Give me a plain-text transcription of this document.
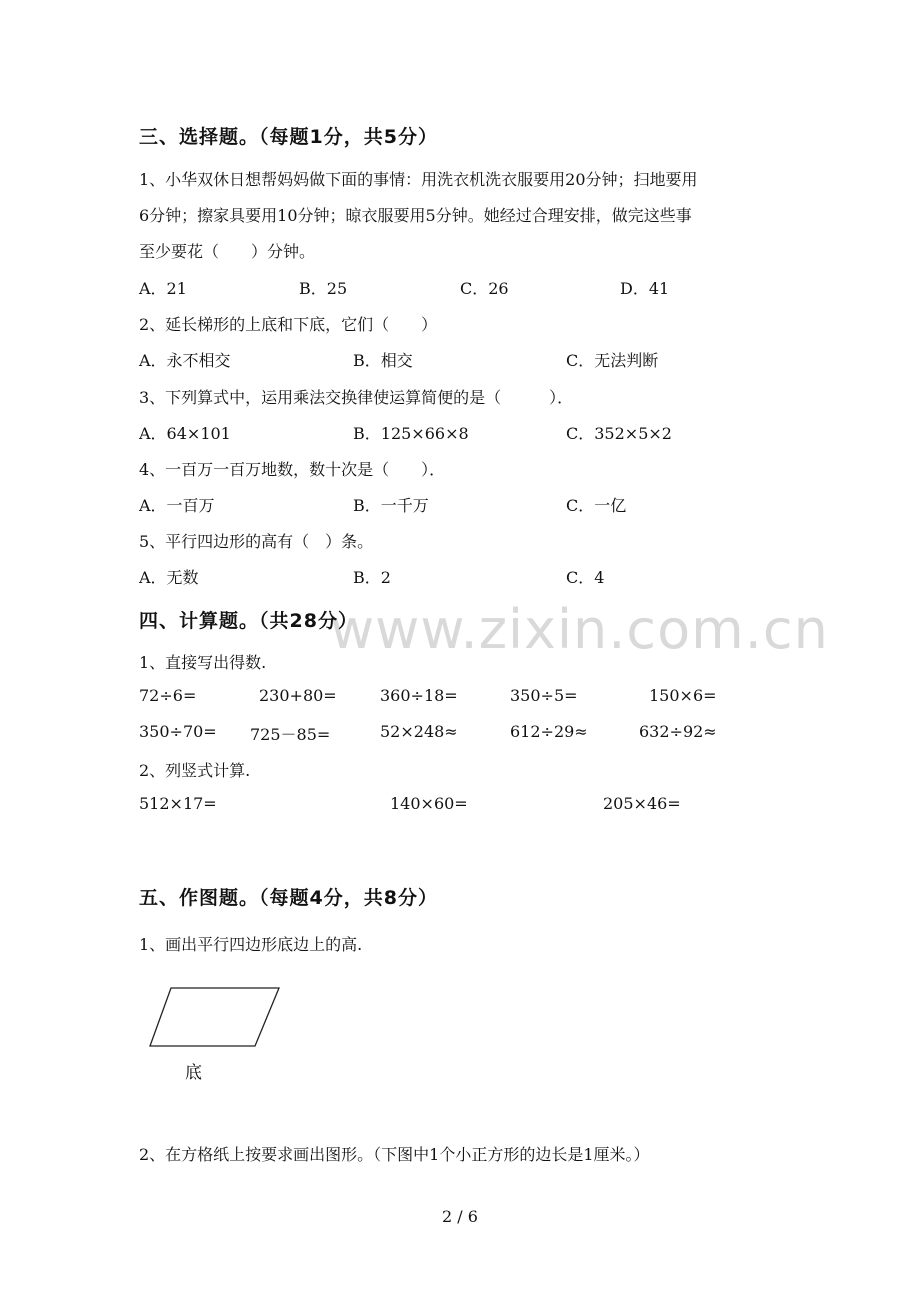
www.zixin.com.cn
三、选择题。（每题1分，共5分）
1、小华双休日想帮妈妈做下面的事情：用洗衣机洗衣服要用20分钟；扫地要用
6分钟；擦家具要用10分钟；晾衣服要用5分钟。她经过合理安排，做完这些事
至少要花（　　）分钟。
A．21	B．25	C．26	D．41
2、延长梯形的上底和下底，它们（　　）
A．永不相交	B．相交	C．无法判断
3、下列算式中，运用乘法交换律使运算简便的是（　　　）．
A．64×101	B．125×66×8	C．352×5×2
4、一百万一百万地数，数十次是（　　）．
A．一百万	B．一千万	C．一亿
5、平行四边形的高有（　）条。
A．无数	B．2	C．4
四、计算题。（共28分）
1、直接写出得数.
72÷6=	230+80=	360÷18=	350÷5=	150×6=
350÷70= 725－85=	52×248≈	612÷29≈	632÷92≈
2、列竖式计算.
512×17=	140×60=	205×46=
五、作图题。（每题4分，共8分）
1、画出平行四边形底边上的高.
底
2、在方格纸上按要求画出图形。（下图中1个小正方形的边长是1厘米。）
2 / 6
